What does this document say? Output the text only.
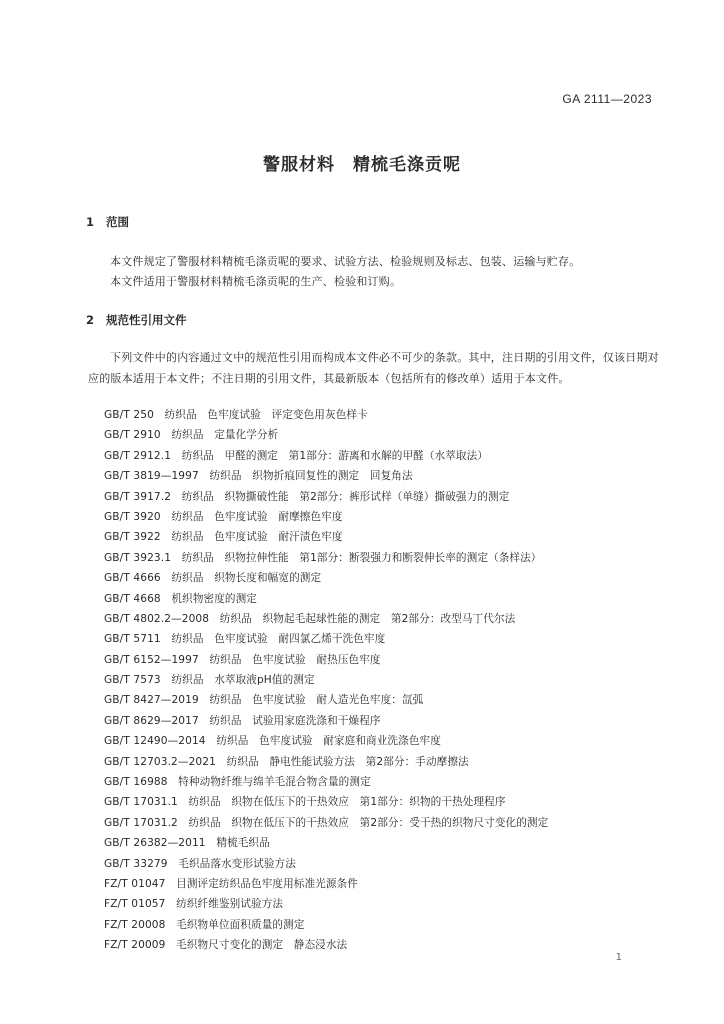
GA 2111—2023
警服材料　精梳毛涤贡呢
1 范围
本文件规定了警服材料精梳毛涤贡呢的要求、试验方法、检验规则及标志、包装、运输与贮存。
本文件适用于警服材料精梳毛涤贡呢的生产、检验和订购。
2 规范性引用文件
下列文件中的内容通过文中的规范性引用而构成本文件必不可少的条款。其中，注日期的引用文件，仅该日期对应的版本适用于本文件；不注日期的引用文件，其最新版本（包括所有的修改单）适用于本文件。
GB/T 250　纺织品　色牢度试验　评定变色用灰色样卡
GB/T 2910　纺织品　定量化学分析
GB/T 2912.1　纺织品　甲醛的测定　第1部分：游离和水解的甲醛（水萃取法）
GB/T 3819—1997　纺织品　织物折痕回复性的测定　回复角法
GB/T 3917.2　纺织品　织物撕破性能　第2部分：裤形试样（单缝）撕破强力的测定
GB/T 3920　纺织品　色牢度试验　耐摩擦色牢度
GB/T 3922　纺织品　色牢度试验　耐汗渍色牢度
GB/T 3923.1　纺织品　织物拉伸性能　第1部分：断裂强力和断裂伸长率的测定（条样法）
GB/T 4666　纺织品　织物长度和幅宽的测定
GB/T 4668　机织物密度的测定
GB/T 4802.2—2008　纺织品　织物起毛起球性能的测定　第2部分：改型马丁代尔法
GB/T 5711　纺织品　色牢度试验　耐四氯乙烯干洗色牢度
GB/T 6152—1997　纺织品　色牢度试验　耐热压色牢度
GB/T 7573　纺织品　水萃取液pH值的测定
GB/T 8427—2019　纺织品　色牢度试验　耐人造光色牢度：氙弧
GB/T 8629—2017　纺织品　试验用家庭洗涤和干燥程序
GB/T 12490—2014　纺织品　色牢度试验　耐家庭和商业洗涤色牢度
GB/T 12703.2—2021　纺织品　静电性能试验方法　第2部分：手动摩擦法
GB/T 16988　特种动物纤维与绵羊毛混合物含量的测定
GB/T 17031.1　纺织品　织物在低压下的干热效应　第1部分：织物的干热处理程序
GB/T 17031.2　纺织品　织物在低压下的干热效应　第2部分：受干热的织物尺寸变化的测定
GB/T 26382—2011　精梳毛织品
GB/T 33279　毛织品落水变形试验方法
FZ/T 01047　目测评定纺织品色牢度用标准光源条件
FZ/T 01057　纺织纤维鉴别试验方法
FZ/T 20008　毛织物单位面积质量的测定
FZ/T 20009　毛织物尺寸变化的测定　静态浸水法
1
